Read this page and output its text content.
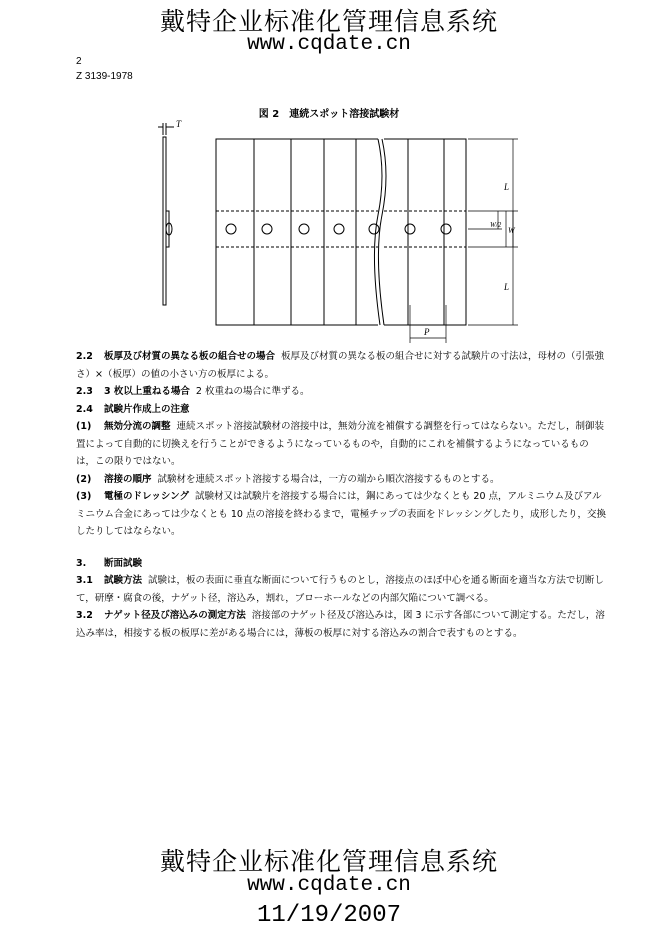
戴特企业标准化管理信息系统
www.cqdate.cn
2
Z 3139-1978
図 2　連続スポット溶接試験材
T
L
W/2
W
L
P

2.2 板厚及び材質の異なる板の組合せの場合 板厚及び材質の異なる板の組合せに対する試験片の寸法は，母材の（引張強さ）×（板厚）の値の小さい方の板厚による。

2.3 3 枚以上重ねる場合 2 枚重ねの場合に準ずる。

2.4 試験片作成上の注意

(1) 無効分流の調整 連続スポット溶接試験材の溶接中は，無効分流を補償する調整を行ってはならない。ただし，制御装置によって自動的に切換えを行うことができるようになっているものや，自動的にこれを補償するようになっているものは，この限りではない。

(2) 溶接の順序 試験材を連続スポット溶接する場合は，一方の端から順次溶接するものとする。

(3) 電極のドレッシング 試験材又は試験片を溶接する場合には，鋼にあっては少なくとも 20 点，アルミニウム及びアルミニウム合金にあっては少なくとも 10 点の溶接を終わるまで，電極チップの表面をドレッシングしたり，成形したり，交換したりしてはならない。

3. 断面試験

3.1 試験方法 試験は，板の表面に垂直な断面について行うものとし，溶接点のほぼ中心を通る断面を適当な方法で切断して，研摩・腐食の後，ナゲット径，溶込み，割れ，ブローホールなどの内部欠陥について調べる。

3.2 ナゲット径及び溶込みの測定方法 溶接部のナゲット径及び溶込みは，図 3 に示す各部について測定する。ただし，溶込み率は，相接する板の板厚に差がある場合には，薄板の板厚に対する溶込みの割合で表すものとする。

戴特企业标准化管理信息系统
www.cqdate.cn
11/19/2007
